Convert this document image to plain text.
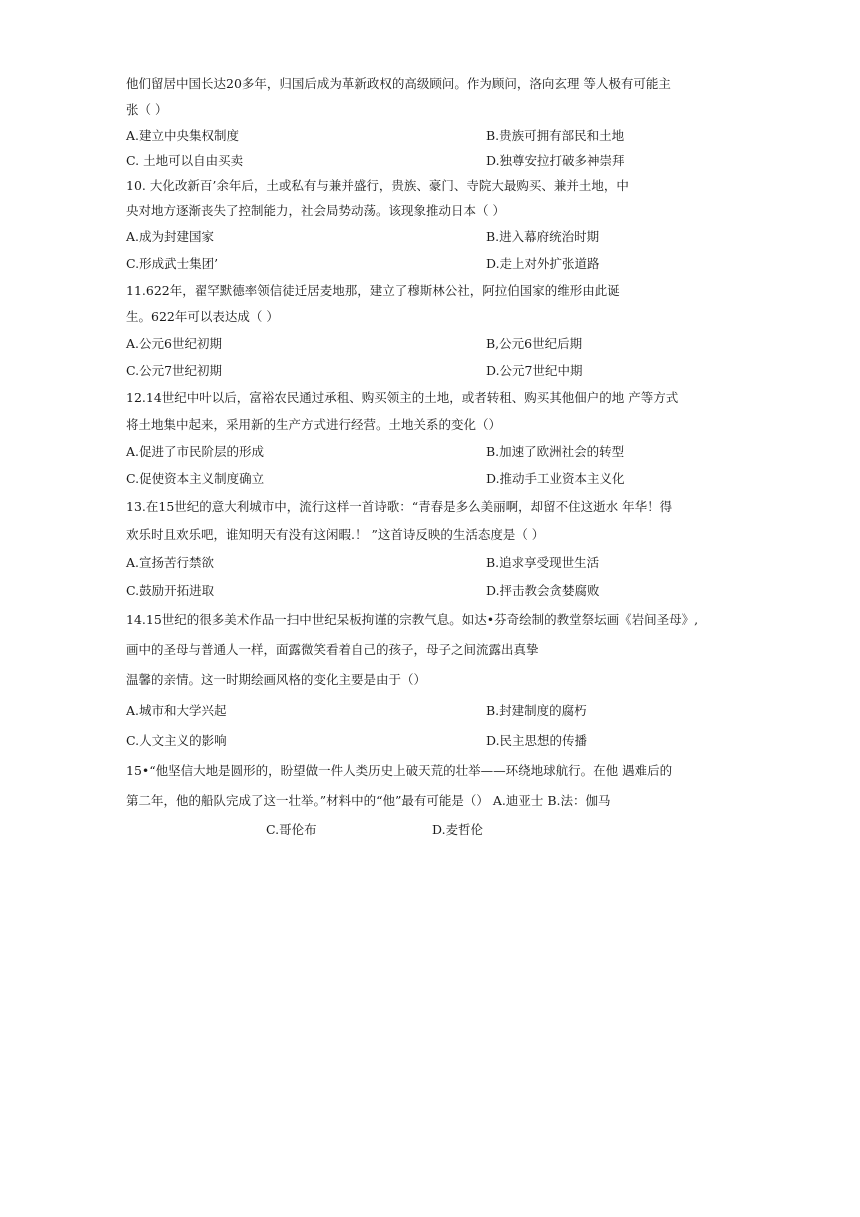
他们留居中国长达20多年，归国后成为革新政权的高级顾问。作为顾问，洛向玄理 等人极有可能主
张（ ）
A.建立中央集权制度	B.贵族可拥有部民和土地
C. 土地可以自由买卖	D.独尊安拉打破多神崇拜
10. 大化改新百’余年后，土或私有与兼并盛行，贵族、豪门、寺院大最购买、兼并土地，中
央对地方逐渐丧失了控制能力，社会局势动荡。该现象推动日本（ ）
A.成为封建国家	B.进入幕府统治时期
C.形成武士集团’	D.走上对外扩张道路
11.622年，翟罕默德率领信徒迁居麦地那，建立了穆斯林公社，阿拉伯国家的维形由此诞
生。622年可以表达成（ ）
A.公元6世纪初期	B,公元6世纪后期
C.公元7世纪初期	D.公元7世纪中期
12.14世纪中叶以后，富裕农民通过承租、购买领主的土地，或者转租、购买其他佃户的地 产等方式
将土地集中起来，采用新的生产方式进行经营。土地关系的变化（）
A.促进了市民阶层的形成	B.加速了欧洲社会的转型
C.促使资本主义制度确立	D.推动手工业资本主义化
13.在15世纪的意大利城市中，流行这样一首诗歌：“青春是多么美丽啊，却留不住这逝水 年华！得
欢乐时且欢乐吧，谁知明天有没有这闲暇.！ ”这首诗反映的生活态度是（ ）
A.宣扬苦行禁欲	B.追求享受现世生活
C.鼓励开拓进取	D.抨击教会贪婪腐败
14.15世纪的很多美术作品一扫中世纪呆板拘谨的宗教气息。如达•芬奇绘制的教堂祭坛画《岩间圣母》,
画中的圣母与普通人一样，面露微笑看着自己的孩子，母子之间流露出真挚
温馨的亲情。这一时期绘画风格的变化主要是由于（）
A.城市和大学兴起	B.封建制度的腐朽
C.人文主义的影响	D.民主思想的传播
15•“他坚信大地是圆形的，盼望做一件人类历史上破天荒的壮举——环绕地球航行。在他 遇难后的
第二年，他的船队完成了这一壮举。”材料中的“他”最有可能是（） A.迪亚士 B.法：伽马
C.哥伦布	D.麦哲伦
